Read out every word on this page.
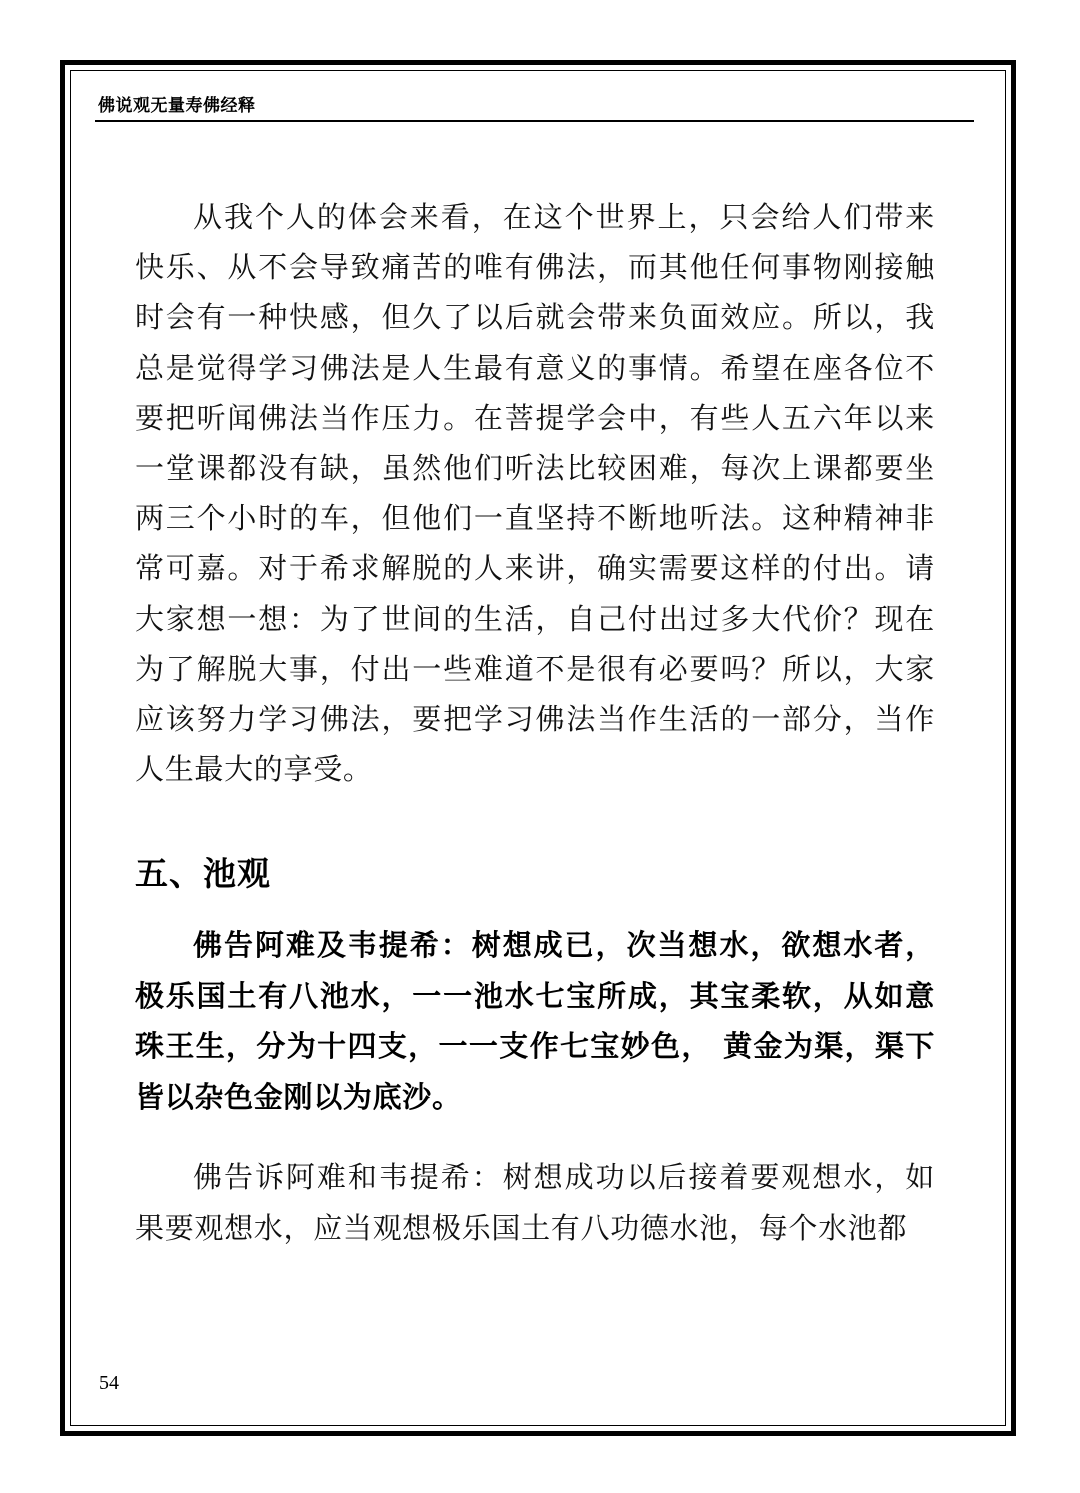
佛说观无量寿佛经释

从我个人的体会来看，在这个世界上，只会给人们带来快乐、从不会导致痛苦的唯有佛法，而其他任何事物刚接触时会有一种快感，但久了以后就会带来负面效应。所以，我总是觉得学习佛法是人生最有意义的事情。希望在座各位不要把听闻佛法当作压力。在菩提学会中，有些人五六年以来一堂课都没有缺，虽然他们听法比较困难，每次上课都要坐两三个小时的车，但他们一直坚持不断地听法。这种精神非常可嘉。对于希求解脱的人来讲，确实需要这样的付出。请大家想一想：为了世间的生活，自己付出过多大代价？现在为了解脱大事，付出一些难道不是很有必要吗？所以，大家应该努力学习佛法，要把学习佛法当作生活的一部分，当作人生最大的享受。

五、池观

佛告阿难及韦提希：树想成已，次当想水，欲想水者，极乐国土有八池水，一一池水七宝所成，其宝柔软，从如意珠王生，分为十四支，一一支作七宝妙色， 黄金为渠，渠下皆以杂色金刚以为底沙。

佛告诉阿难和韦提希：树想成功以后接着要观想水，如果要观想水，应当观想极乐国土有八功德水池，每个水池都

54
